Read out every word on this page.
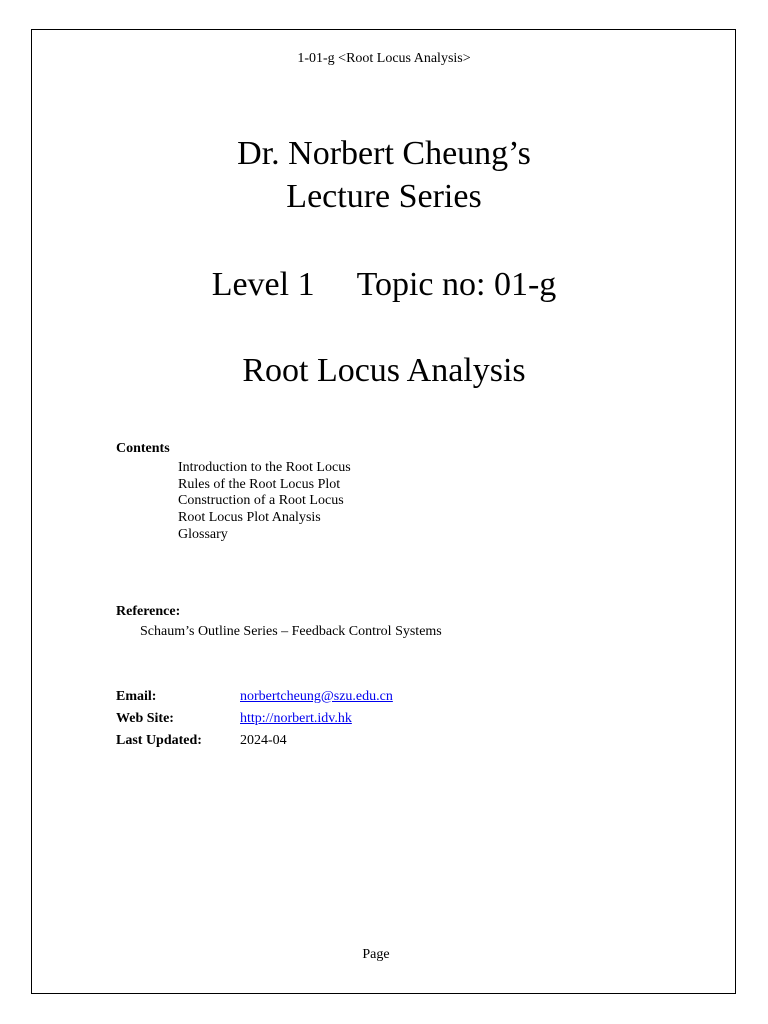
1-01-g <Root Locus Analysis>
Dr. Norbert Cheung’s
Lecture Series
Level 1 Topic no: 01-g
Root Locus Analysis
Contents
Introduction to the Root Locus
Rules of the Root Locus Plot
Construction of a Root Locus
Root Locus Plot Analysis
Glossary
Reference:
Schaum’s Outline Series – Feedback Control Systems
Email:	norbertcheung@szu.edu.cn
Web Site:	http://norbert.idv.hk
Last Updated:	2024-04
Page
